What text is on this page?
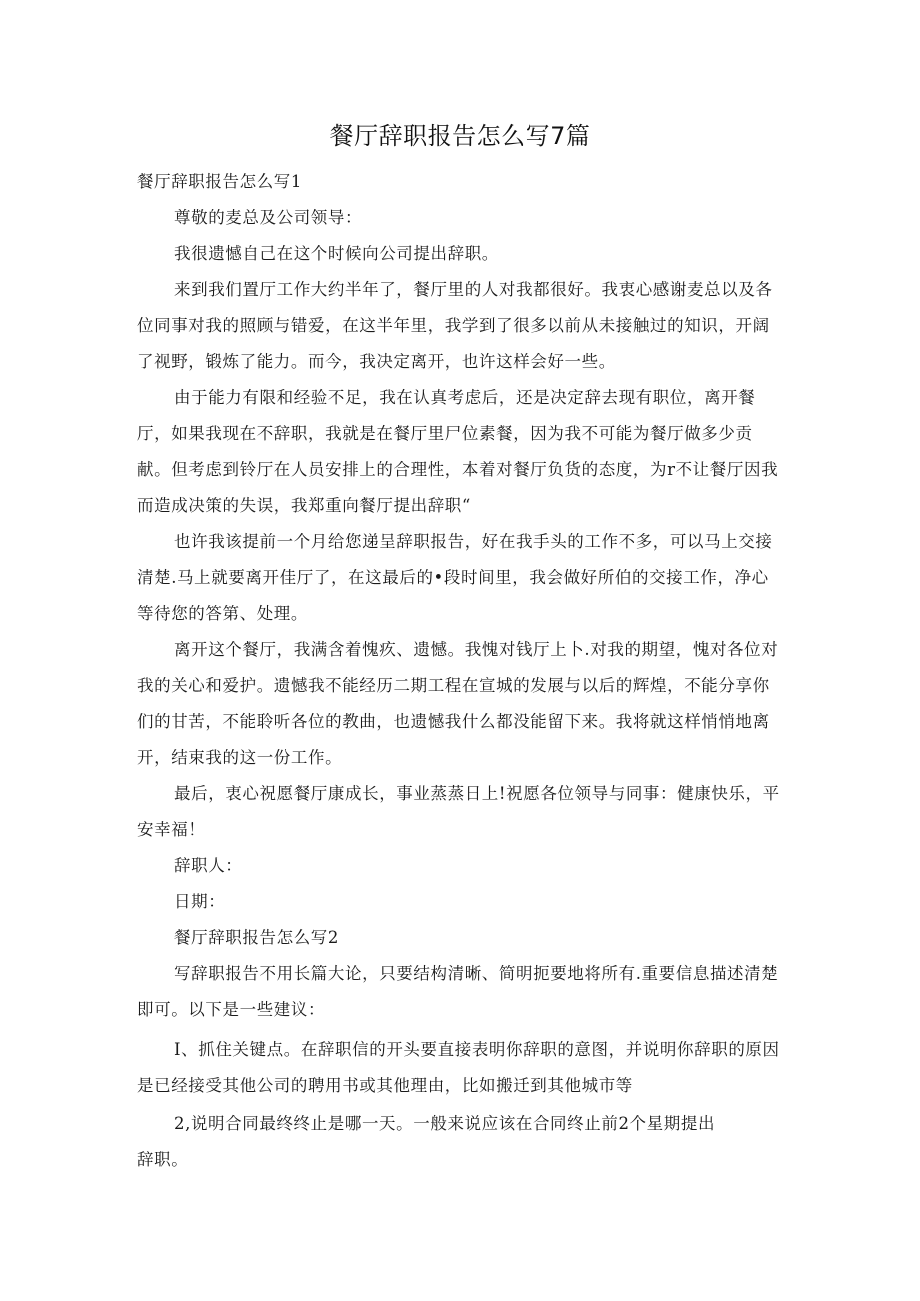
餐厅辞职报告怎么写7篇
餐厅辞职报告怎么写1
尊敬的麦总及公司领导：
我很遗憾自己在这个时候向公司提出辞职。
来到我们置厅工作大约半年了，餐厅里的人对我都很好。我衷心感谢麦总以及各
位同事对我的照顾与错爱，在这半年里，我学到了很多以前从未接触过的知识，开阔
了视野，锻炼了能力。而今，我决定离开，也许这样会好一些。
由于能力有限和经验不足，我在认真考虑后，还是决定辞去现有职位，离开餐
厅，如果我现在不辞职，我就是在餐厅里尸位素餐，因为我不可能为餐厅做多少贡
献。但考虑到铃厅在人员安排上的合理性，本着对餐厅负货的态度，为r不让餐厅因我
而造成决策的失误，我郑重向餐厅提出辞职“
也许我该提前一个月给您递呈辞职报告，好在我手头的工作不多，可以马上交接
清楚.马上就要离开佳厅了，在这最后的•段时间里，我会做好所伯的交接工作，净心
等待您的答第、处理。
离开这个餐厅，我满含着愧疚、遗憾。我愧对钱厅上卜.对我的期望，愧对各位对
我的关心和爱护。遗憾我不能经历二期工程在宣城的发展与以后的辉煌，不能分享你
们的甘苦，不能聆听各位的教曲，也遗憾我什么都没能留下来。我将就这样悄悄地离
开，结束我的这一份工作。
最后，衷心祝愿餐厅康成长，事业蒸蒸日上!祝愿各位领导与同事：健康快乐，平
安幸福！
辞职人：
日期：
餐厅辞职报告怎么写2
写辞职报告不用长篇大论，只要结构清晰、简明扼要地将所有.重要信息描述清楚
即可。以下是一些建议：
I、抓住关键点。在辞职信的开头要直接表明你辞职的意图，并说明你辞职的原因
是已经接受其他公司的聘用书或其他理由，比如搬迁到其他城市等
2,说明合同最终终止是哪一天。一般来说应该在合同终止前2个星期提出
辞职。
